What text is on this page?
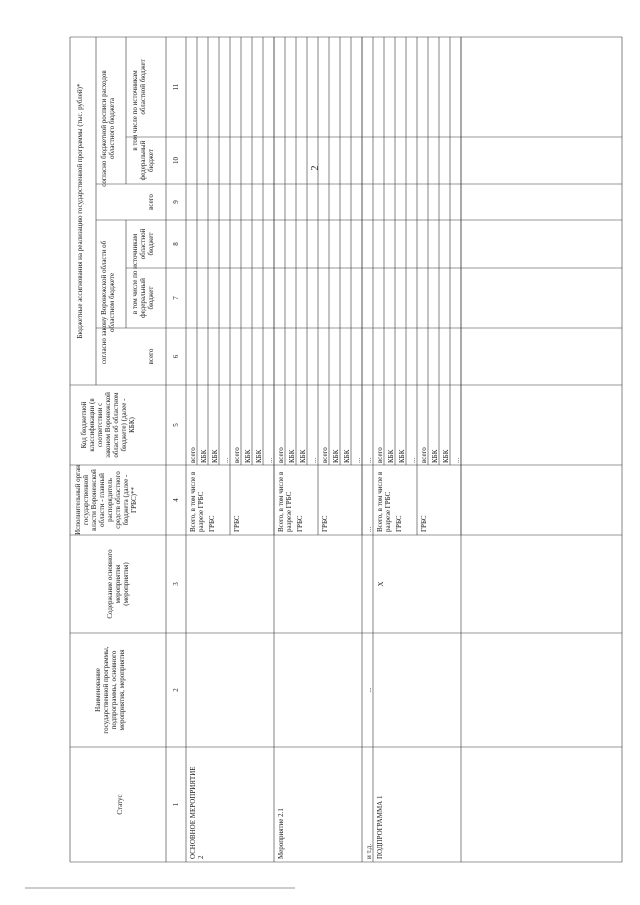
2
Статус
Наименование государственной программы, подпрограммы, основного мероприятия, мероприятия
Содержание основного мероприятия (мероприятия)
Исполнительный орган государственной власти Воронежской области - главный распорядитель средств областного бюджета (далее - ГРБС)**
Код бюджетной классификации (в соответствии с законом Воронежской области об областном бюджете) (далее - КБК)
Бюджетные ассигнования на реализацию государственной программы (тыс. рублей)* согласно закону Воронежской области об областном бюджете
согласно бюджетной росписи расходов областного бюджета
в том числе по источникам
в том числе по источникам
всего
всего
федеральный бюджет
областной бюджет
федеральный бюджет
областной бюджет
1
2
3
4
5
6
7
8
9
10
11
ОСНОВНОЕ МЕРОПРИЯТИЕ 2
Всего, в том числе в разрезе ГРБС
всего КБК КБК ...
ГРБС
всего КБК КБК ...
ГРБС
Мероприятие 2.1
Всего, в том числе в разрезе ГРБС
всего КБК КБК ...
ГРБС
всего КБК КБК ...
ГРБС
и т.д.
...
...
...
ПОДПРОГРАММА 1
Х
Всего, в том числе в разрезе ГРБС
всего КБК КБК ...
ГРБС
всего КБК КБК ...
ГРБС
